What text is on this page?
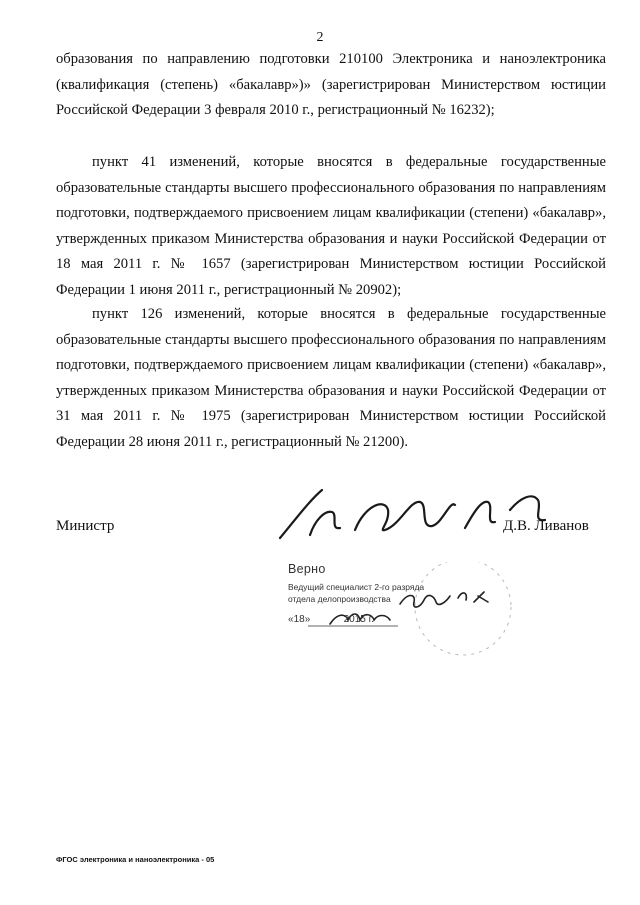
2

образования по направлению подготовки 210100 Электроника и наноэлектроника (квалификация (степень) «бакалавр»)» (зарегистрирован Министерством юстиции Российской Федерации 3 февраля 2010 г., регистрационный № 16232);

пункт 41 изменений, которые вносятся в федеральные государственные образовательные стандарты высшего профессионального образования по направлениям подготовки, подтверждаемого присвоением лицам квалификации (степени) «бакалавр», утвержденных приказом Министерства образования и науки Российской Федерации от 18 мая 2011 г. № 1657 (зарегистрирован Министерством юстиции Российской Федерации 1 июня 2011 г., регистрационный № 20902);

пункт 126 изменений, которые вносятся в федеральные государственные образовательные стандарты высшего профессионального образования по направлениям подготовки, подтверждаемого присвоением лицам квалификации (степени) «бакалавр», утвержденных приказом Министерства образования и науки Российской Федерации от 31 мая 2011 г. № 1975 (зарегистрирован Министерством юстиции Российской Федерации 28 июня 2011 г., регистрационный № 21200).

Министр	Д.В. Ливанов
Верно
Ведущий специалист 2-го разряда
отдела делопроизводства
«18»	2015 г.
ФГОС электроника и наноэлектроника - 05
